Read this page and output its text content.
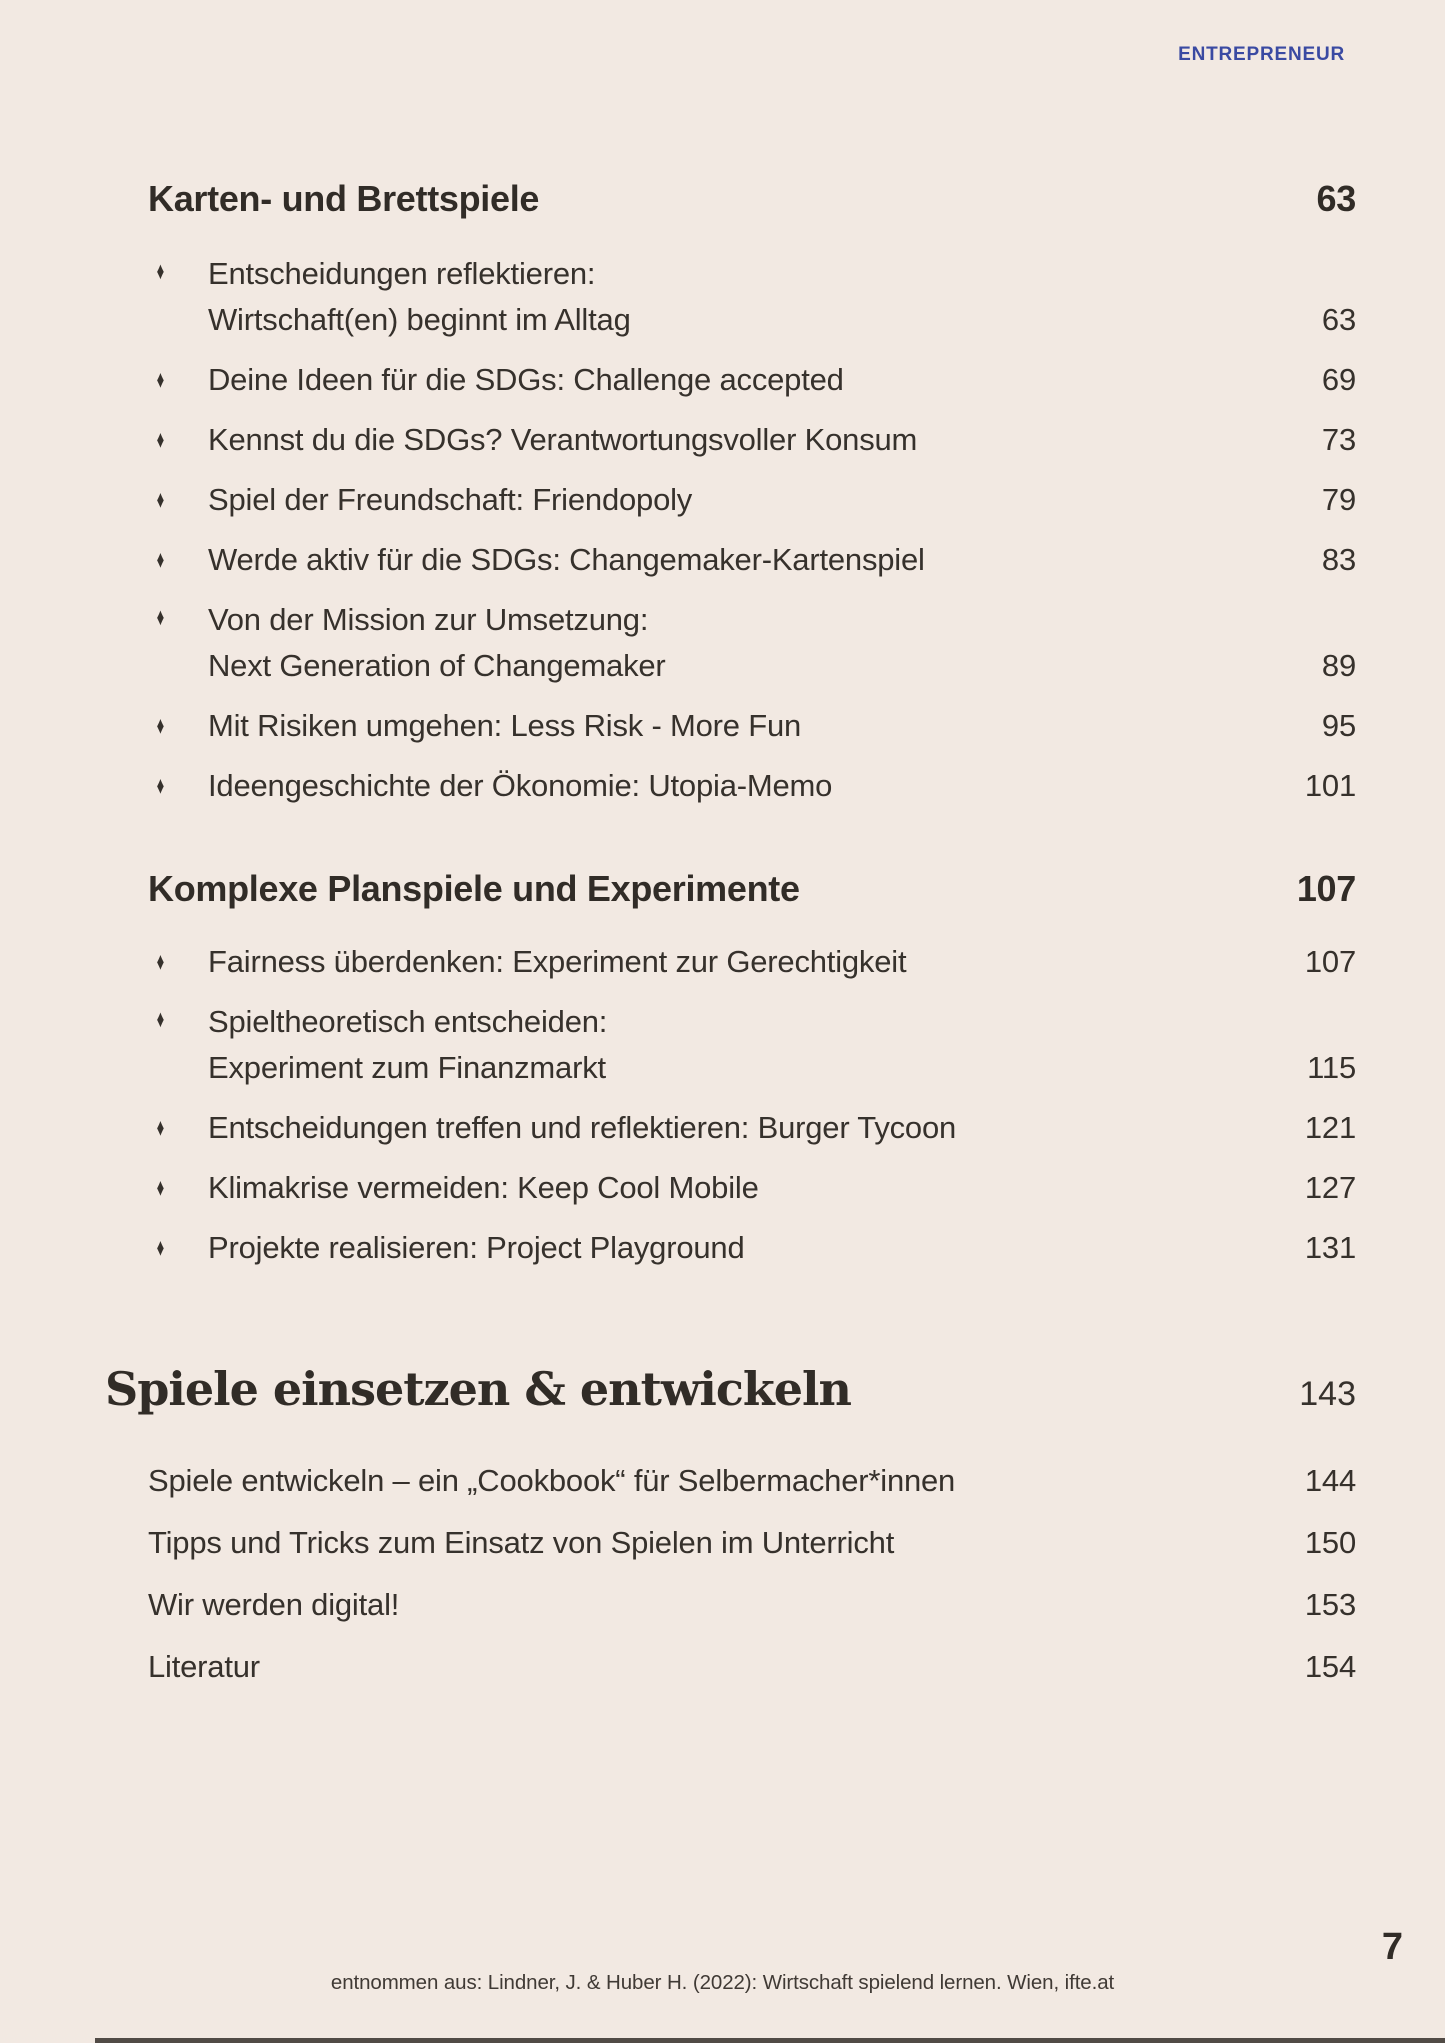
ENTREPRENEUR
Karten- und Brettspiele	63
♦	Entscheidungen reflektieren:
Wirtschaft(en) beginnt im Alltag	63
♦	Deine Ideen für die SDGs: Challenge accepted	69
♦	Kennst du die SDGs? Verantwortungsvoller Konsum	73
♦	Spiel der Freundschaft: Friendopoly	79
♦	Werde aktiv für die SDGs: Changemaker-Kartenspiel	83
♦	Von der Mission zur Umsetzung:
Next Generation of Changemaker	89
♦	Mit Risiken umgehen: Less Risk - More Fun	95
♦	Ideengeschichte der Ökonomie: Utopia-Memo	101
Komplexe Planspiele und Experimente	107
♦	Fairness überdenken: Experiment zur Gerechtigkeit	107
♦	Spieltheoretisch entscheiden:
Experiment zum Finanzmarkt	115
♦	Entscheidungen treffen und reflektieren: Burger Tycoon	121
♦	Klimakrise vermeiden: Keep Cool Mobile	127
♦	Projekte realisieren: Project Playground	131
Spiele einsetzen & entwickeln	143
Spiele entwickeln – ein „Cookbook“ für Selbermacher*innen	144
Tipps und Tricks zum Einsatz von Spielen im Unterricht	150
Wir werden digital!	153
Literatur	154
7
entnommen aus: Lindner, J. & Huber H. (2022): Wirtschaft spielend lernen. Wien, ifte.at
